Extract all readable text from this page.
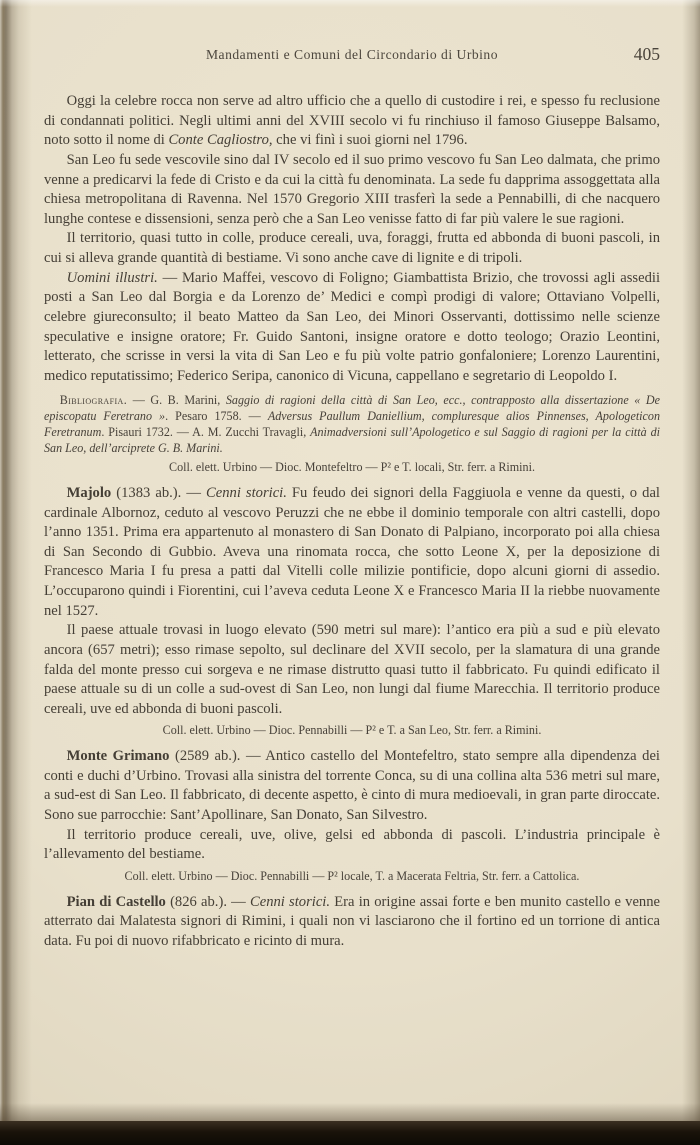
Mandamenti e Comuni del Circondario di Urbino	405

Oggi la celebre rocca non serve ad altro ufficio che a quello di custodire i rei, e spesso fu reclusione di condannati politici. Negli ultimi anni del XVIII secolo vi fu rinchiuso il famoso Giuseppe Balsamo, noto sotto il nome di Conte Cagliostro, che vi finì i suoi giorni nel 1796.

San Leo fu sede vescovile sino dal IV secolo ed il suo primo vescovo fu San Leo dalmata, che primo venne a predicarvi la fede di Cristo e da cui la città fu denominata. La sede fu dapprima assoggettata alla chiesa metropolitana di Ravenna. Nel 1570 Gregorio XIII trasferì la sede a Pennabilli, di che nacquero lunghe contese e dissensioni, senza però che a San Leo venisse fatto di far più valere le sue ragioni.

Il territorio, quasi tutto in colle, produce cereali, uva, foraggi, frutta ed abbonda di buoni pascoli, in cui si alleva grande quantità di bestiame. Vi sono anche cave di lignite e di tripoli.

Uomini illustri. — Mario Maffei, vescovo di Foligno; Giambattista Brizio, che trovossi agli assedii posti a San Leo dal Borgia e da Lorenzo de’ Medici e compì prodigi di valore; Ottaviano Volpelli, celebre giureconsulto; il beato Matteo da San Leo, dei Minori Osservanti, dottissimo nelle scienze speculative e insigne oratore; Fr. Guido Santoni, insigne oratore e dotto teologo; Orazio Leontini, letterato, che scrisse in versi la vita di San Leo e fu più volte patrio gonfaloniere; Lorenzo Laurentini, medico reputatissimo; Federico Seripa, canonico di Vicuna, cappellano e segretario di Leopoldo I.

Bibliografia. — G. B. Marini, Saggio di ragioni della città di San Leo, ecc., contrapposto alla dissertazione « De episcopatu Feretrano ». Pesaro 1758. — Adversus Paullum Daniellium, compluresque alios Pinnenses, Apologeticon Feretranum. Pisauri 1732. — A. M. Zucchi Travagli, Animadversioni sull’Apologetico e sul Saggio di ragioni per la città di San Leo, dell’arciprete G. B. Marini.

Coll. elett. Urbino — Dioc. Montefeltro — P² e T. locali, Str. ferr. a Rimini.

Majolo (1383 ab.). — Cenni storici. Fu feudo dei signori della Faggiuola e venne da questi, o dal cardinale Albornoz, ceduto al vescovo Peruzzi che ne ebbe il dominio temporale con altri castelli, dopo l’anno 1351. Prima era appartenuto al monastero di San Donato di Palpiano, incorporato poi alla chiesa di San Secondo di Gubbio. Aveva una rinomata rocca, che sotto Leone X, per la deposizione di Francesco Maria I fu presa a patti dal Vitelli colle milizie pontificie, dopo alcuni giorni di assedio. L’occuparono quindi i Fiorentini, cui l’aveva ceduta Leone X e Francesco Maria II la riebbe nuovamente nel 1527.

Il paese attuale trovasi in luogo elevato (590 metri sul mare): l’antico era più a sud e più elevato ancora (657 metri); esso rimase sepolto, sul declinare del XVII secolo, per la slamatura di una grande falda del monte presso cui sorgeva e ne rimase distrutto quasi tutto il fabbricato. Fu quindi edificato il paese attuale su di un colle a sud-ovest di San Leo, non lungi dal fiume Marecchia. Il territorio produce cereali, uve ed abbonda di buoni pascoli.

Coll. elett. Urbino — Dioc. Pennabilli — P² e T. a San Leo, Str. ferr. a Rimini.

Monte Grimano (2589 ab.). — Antico castello del Montefeltro, stato sempre alla dipendenza dei conti e duchi d’Urbino. Trovasi alla sinistra del torrente Conca, su di una collina alta 536 metri sul mare, a sud-est di San Leo. Il fabbricato, di decente aspetto, è cinto di mura medioevali, in gran parte diroccate. Sono sue parrocchie: Sant’Apollinare, San Donato, San Silvestro.

Il territorio produce cereali, uve, olive, gelsi ed abbonda di pascoli. L’industria principale è l’allevamento del bestiame.

Coll. elett. Urbino — Dioc. Pennabilli — P² locale, T. a Macerata Feltria, Str. ferr. a Cattolica.

Pian di Castello (826 ab.). — Cenni storici. Era in origine assai forte e ben munito castello e venne atterrato dai Malatesta signori di Rimini, i quali non vi lasciarono che il fortino ed un torrione di antica data. Fu poi di nuovo rifabbricato e ricinto di mura.
